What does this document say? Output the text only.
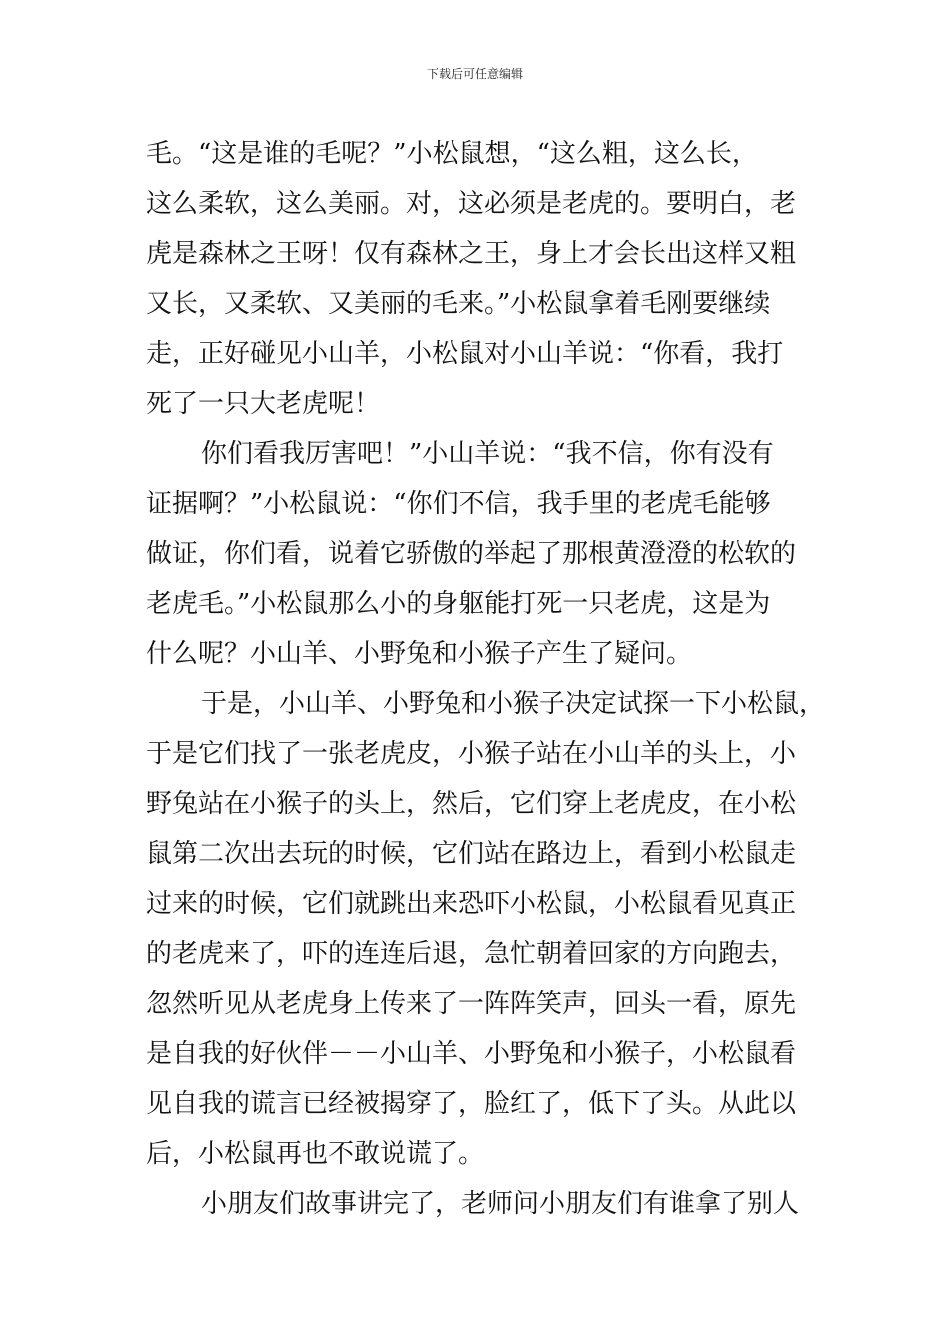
下载后可任意编辑
毛。“这是谁的毛呢？”小松鼠想，“这么粗，这么长，
这么柔软，这么美丽。对，这必须是老虎的。要明白，老
虎是森林之王呀！仅有森林之王，身上才会长出这样又粗
又长，又柔软、又美丽的毛来。”小松鼠拿着毛刚要继续
走，正好碰见小山羊，小松鼠对小山羊说：“你看，我打
死了一只大老虎呢！
你们看我厉害吧！”小山羊说：“我不信，你有没有
证据啊？”小松鼠说：“你们不信，我手里的老虎毛能够
做证，你们看，说着它骄傲的举起了那根黄澄澄的松软的
老虎毛。”小松鼠那么小的身躯能打死一只老虎，这是为
什么呢？小山羊、小野兔和小猴子产生了疑问。
于是，小山羊、小野兔和小猴子决定试探一下小松鼠，
于是它们找了一张老虎皮，小猴子站在小山羊的头上，小
野兔站在小猴子的头上，然后，它们穿上老虎皮，在小松
鼠第二次出去玩的时候，它们站在路边上，看到小松鼠走
过来的时候，它们就跳出来恐吓小松鼠，小松鼠看见真正
的老虎来了，吓的连连后退，急忙朝着回家的方向跑去，
忽然听见从老虎身上传来了一阵阵笑声，回头一看，原先
是自我的好伙伴－－小山羊、小野兔和小猴子，小松鼠看
见自我的谎言已经被揭穿了，脸红了，低下了头。从此以
后，小松鼠再也不敢说谎了。
小朋友们故事讲完了，老师问小朋友们有谁拿了别人
